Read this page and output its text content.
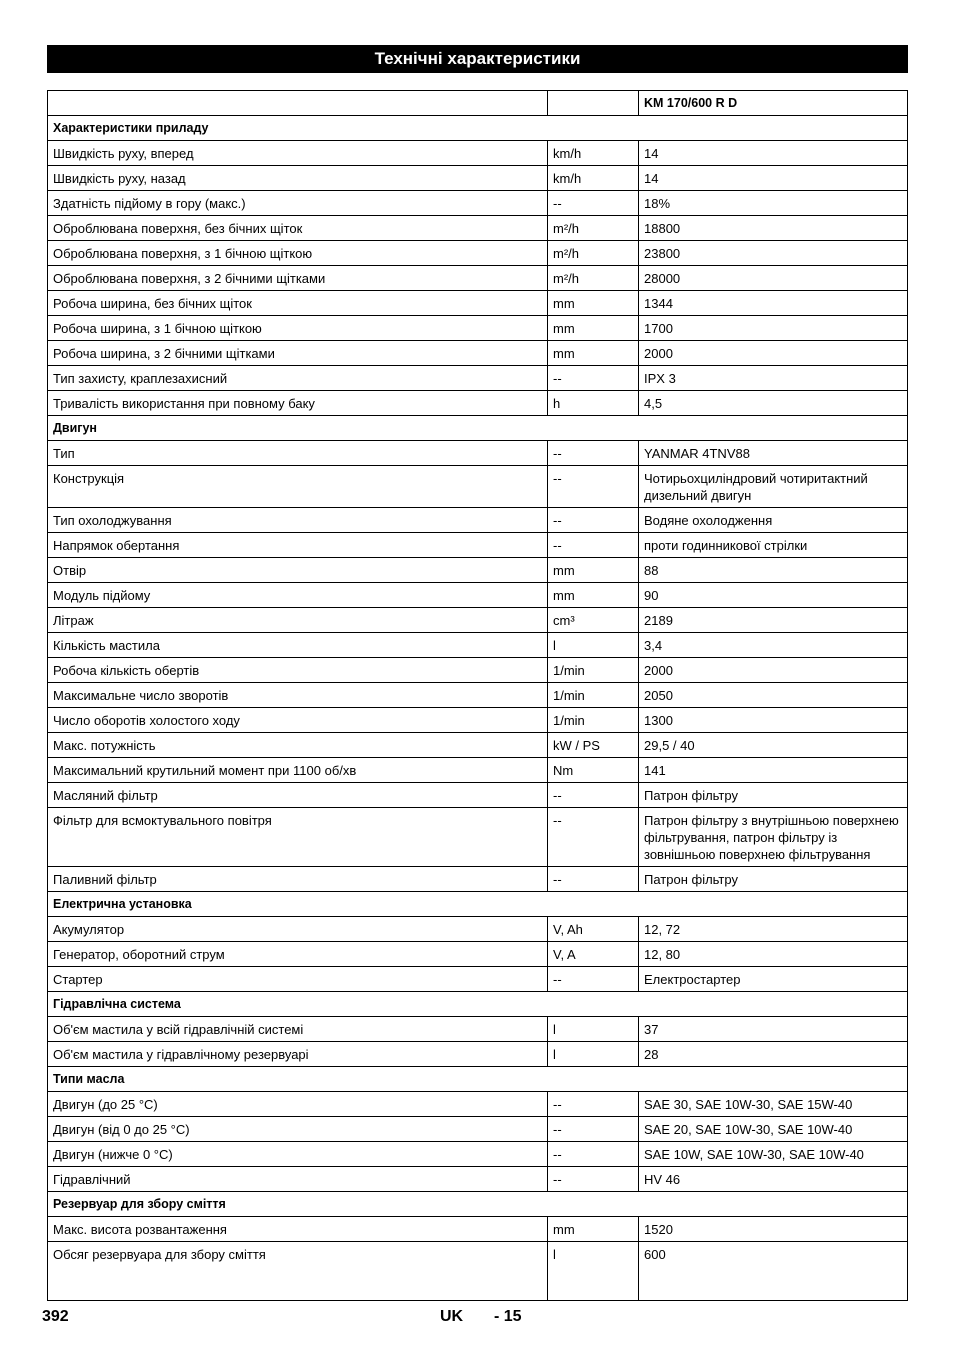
Технічні характеристики
		KM 170/600 R D
Характеристики приладу		
Швидкість руху, вперед	km/h	14
Швидкість руху, назад	km/h	14
Здатність підйому в гору (макс.)	--	18%
Оброблювана поверхня, без бічних щіток	m²/h	18800
Оброблювана поверхня, з 1 бічною щіткою	m²/h	23800
Оброблювана поверхня, з 2 бічними щітками	m²/h	28000
Робоча ширина, без бічних щіток	mm	1344
Робоча ширина, з 1 бічною щіткою	mm	1700
Робоча ширина, з 2 бічними щітками	mm	2000
Тип захисту, краплезахисний	--	IPX 3
Тривалість використання при повному баку	h	4,5
Двигун		
Тип	--	YANMAR 4TNV88
Конструкція	--	Чотирьохциліндровий чотиритактний дизельний двигун
Тип охолоджування	--	Водяне охолодження
Напрямок обертання	--	проти годинникової стрілки
Отвір	mm	88
Модуль підйому	mm	90
Літраж	cm³	2189
Кількість мастила	l	3,4
Робоча кількість обертів	1/min	2000
Максимальне число зворотів	1/min	2050
Число оборотів холостого ходу	1/min	1300
Макс. потужність	kW / PS	29,5 / 40
Максимальний крутильний момент при 1100 об/хв	Nm	141
Масляний фільтр	--	Патрон фільтру
Фільтр для всмоктувального повітря	--	Патрон фільтру з внутрішньою поверхнею фільтрування, патрон фільтру із зовнішньою поверхнею фільтрування
Паливний фільтр	--	Патрон фільтру
Електрична установка		
Акумулятор	V, Ah	12, 72
Генератор, оборотний струм	V, A	12, 80
Стартер	--	Електростартер
Гідравлічна система		
Об'єм мастила у всій гідравлічній системі	l	37
Об'єм мастила у гідравлічному резервуарі	l	28
Типи масла		
Двигун (до 25 °C)	--	SAE 30, SAE 10W-30, SAE 15W-40
Двигун (від 0 до 25 °C)	--	SAE 20, SAE 10W-30, SAE 10W-40
Двигун (нижче 0 °C)	--	SAE 10W, SAE 10W-30, SAE 10W-40
Гідравлічний	--	HV 46
Резервуар для збору сміття		
Макс. висота розвантаження	mm	1520
Обсяг резервуара для збору сміття	l	600
392	UK - 15
